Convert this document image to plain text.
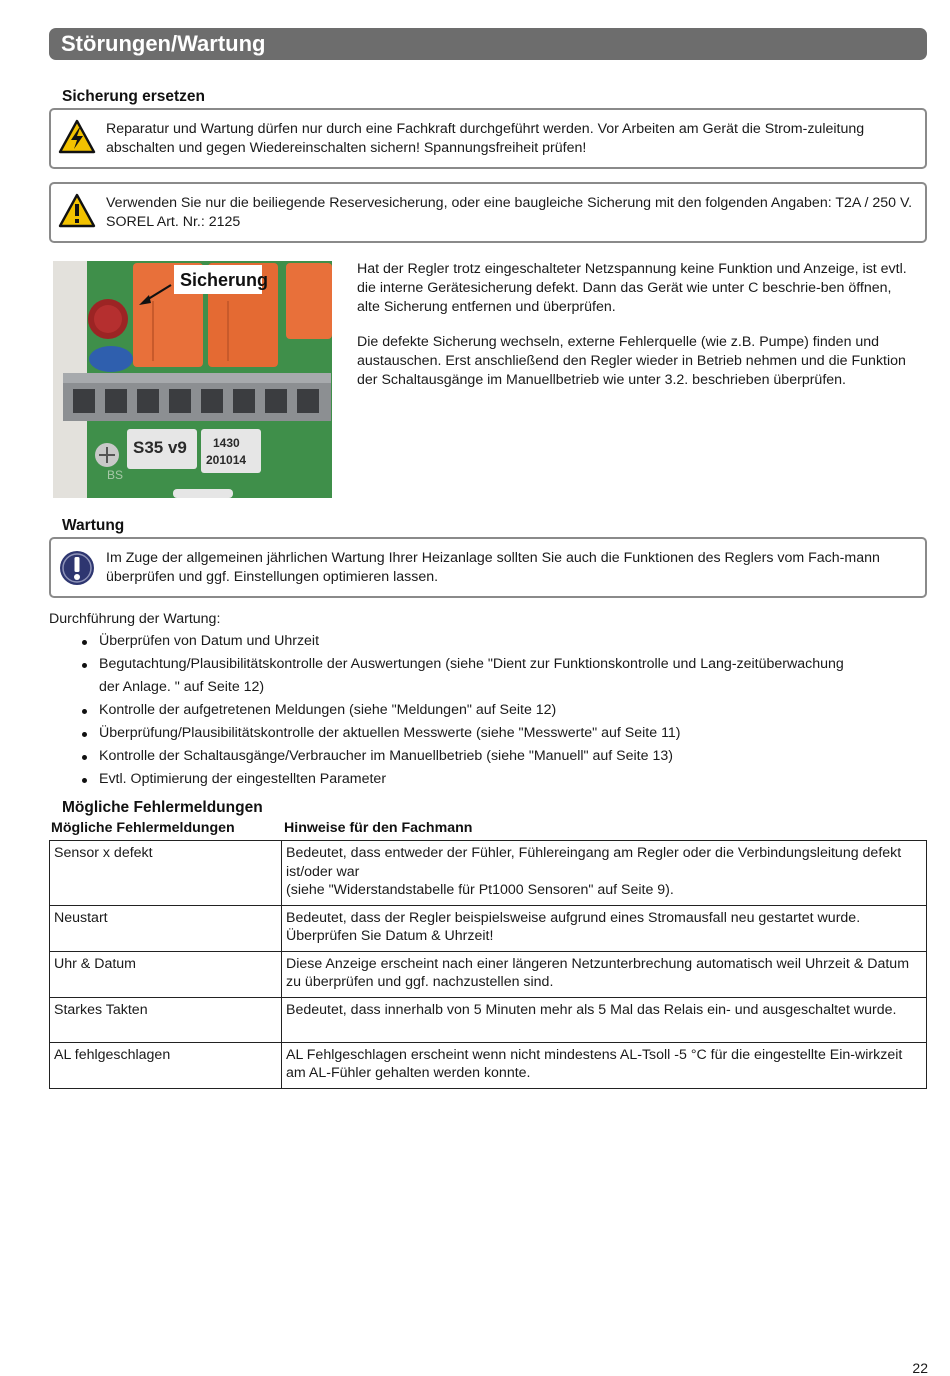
Störungen/Wartung
Sicherung ersetzen
Reparatur und Wartung dürfen nur durch eine Fachkraft durchgeführt werden. Vor Arbeiten am Gerät die Strom-zuleitung abschalten und gegen Wiedereinschalten sichern! Spannungsfreiheit prüfen!
Verwenden Sie nur die beiliegende Reservesicherung, oder eine baugleiche Sicherung mit den folgenden Angaben: T2A / 250 V. SOREL Art. Nr.: 2125
S35 v9 1430
201014
BS
Sicherung
Hat der Regler trotz eingeschalteter Netzspannung keine Funktion und Anzeige, ist evtl. die interne Gerätesicherung defekt. Dann das Gerät wie unter C beschrie-ben öffnen, alte Sicherung entfernen und überprüfen.
Die defekte Sicherung wechseln, externe Fehlerquelle (wie z.B. Pumpe) finden und austauschen. Erst anschließend den Regler wieder in Betrieb nehmen und die Funktion der Schaltausgänge im Manuellbetrieb wie unter 3.2. beschrieben überprüfen.
Wartung
Im Zuge der allgemeinen jährlichen Wartung Ihrer Heizanlage sollten Sie auch die Funktionen des Reglers vom Fach-mann überprüfen und ggf. Einstellungen optimieren lassen.
Durchführung der Wartung:
Überprüfen von Datum und Uhrzeit
Begutachtung/Plausibilitätskontrolle der Auswertungen (siehe "Dient zur Funktionskontrolle und Lang-zeitüberwachung der Anlage. " auf Seite 12)
Kontrolle der aufgetretenen Meldungen (siehe "Meldungen" auf Seite 12)
Überprüfung/Plausibilitätskontrolle der aktuellen Messwerte (siehe "Messwerte" auf Seite 11)
Kontrolle der Schaltausgänge/Verbraucher im Manuellbetrieb (siehe "Manuell" auf Seite 13)
Evtl. Optimierung der eingestellten Parameter
Mögliche Fehlermeldungen
Mögliche Fehlermeldungen	Hinweise für den Fachmann
Sensor x defekt	Bedeutet, dass entweder der Fühler, Fühlereingang am Regler oder die Verbindungsleitung defekt ist/oder war
(siehe "Widerstandstabelle für Pt1000 Sensoren" auf Seite 9).
Neustart	Bedeutet, dass der Regler beispielsweise aufgrund eines Stromausfall neu gestartet wurde. Überprüfen Sie Datum & Uhrzeit!
Uhr & Datum	Diese Anzeige erscheint nach einer längeren Netzunterbrechung automatisch weil Uhrzeit & Datum zu überprüfen und ggf. nachzustellen sind.
Starkes Takten	Bedeutet, dass innerhalb von 5 Minuten mehr als 5 Mal das Relais ein- und ausgeschaltet wurde.
AL fehlgeschlagen	AL Fehlgeschlagen erscheint wenn nicht mindestens AL-Tsoll -5 °C für die eingestellte Ein-wirkzeit am AL-Fühler gehalten werden konnte.
22
